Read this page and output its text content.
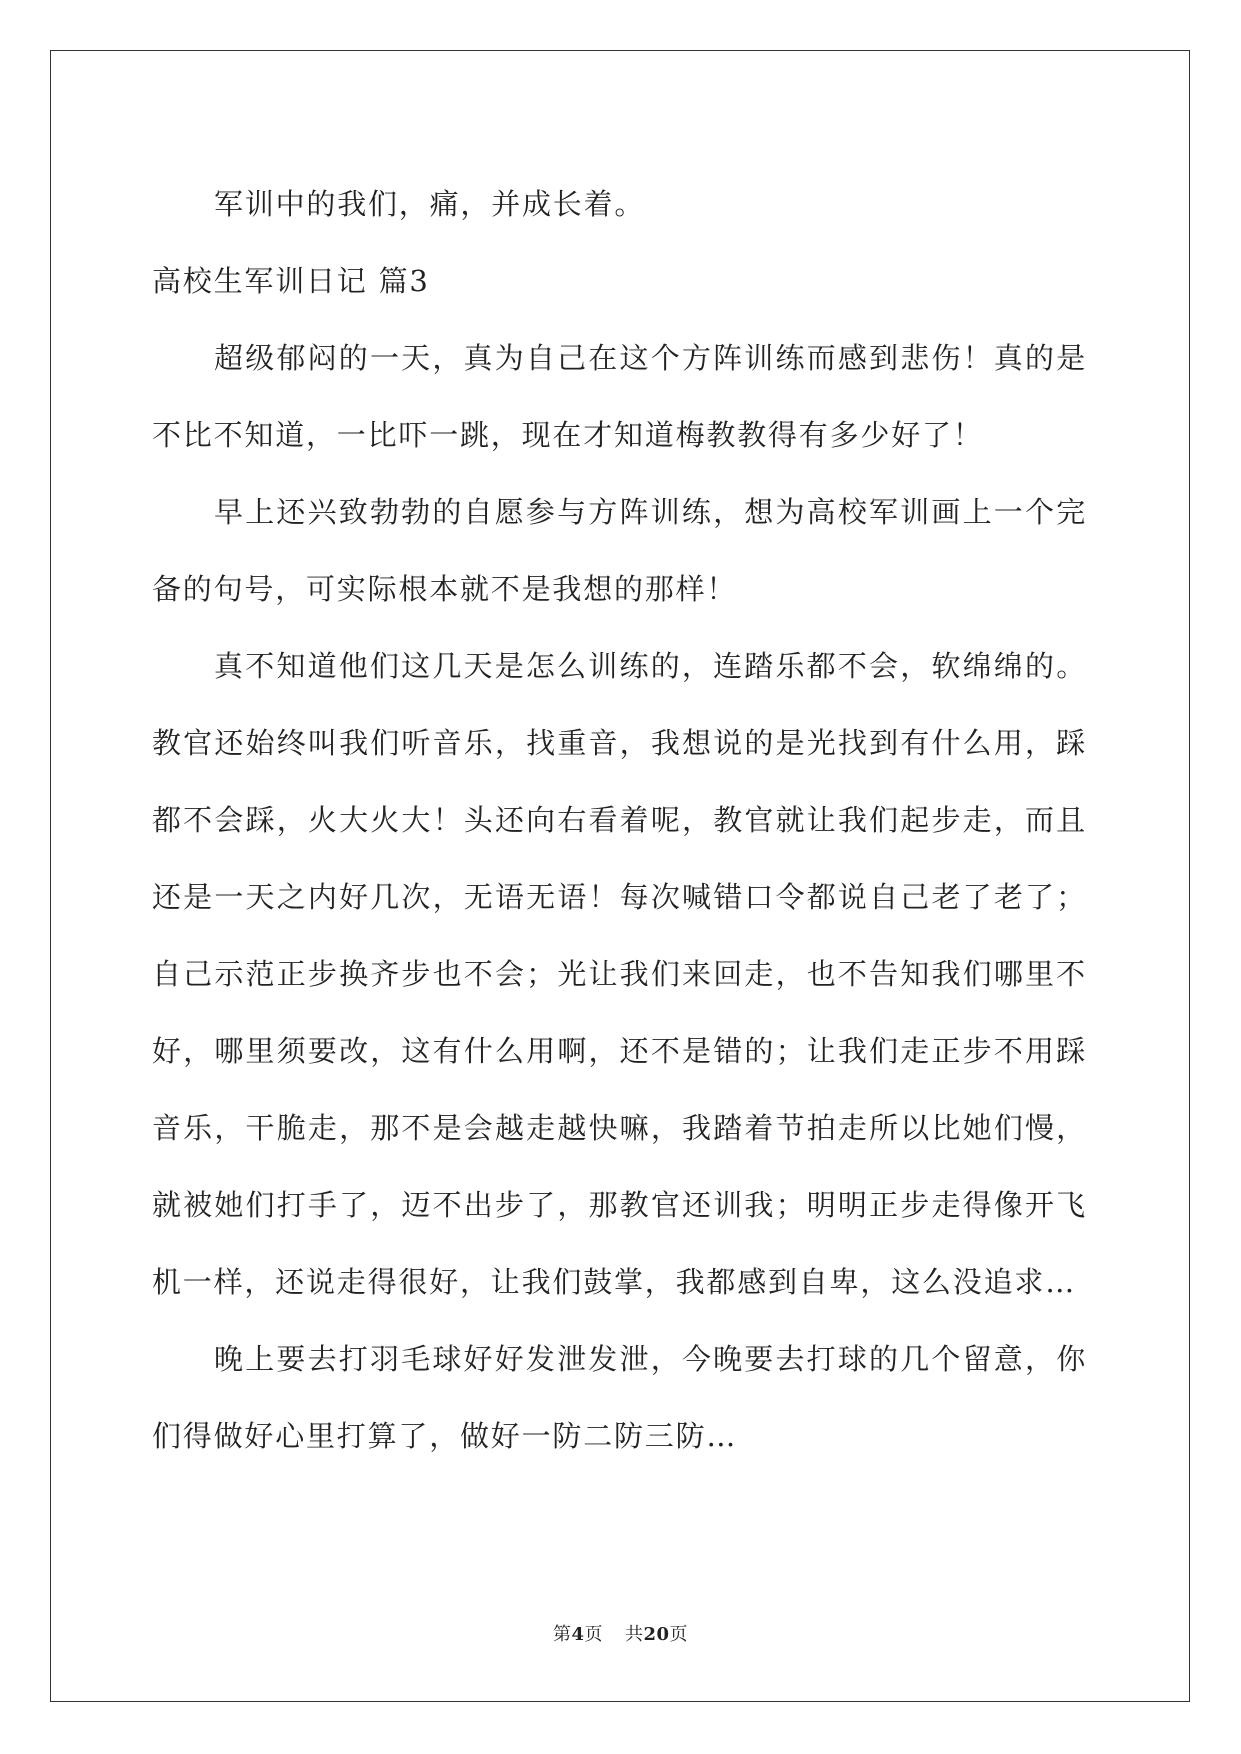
军训中的我们，痛，并成长着。

高校生军训日记 篇3

超级郁闷的一天，真为自己在这个方阵训练而感到悲伤！真的是不比不知道，一比吓一跳，现在才知道梅教教得有多少好了！

早上还兴致勃勃的自愿参与方阵训练，想为高校军训画上一个完备的句号，可实际根本就不是我想的那样！

真不知道他们这几天是怎么训练的，连踏乐都不会，软绵绵的。教官还始终叫我们听音乐，找重音，我想说的是光找到有什么用，踩都不会踩，火大火大！头还向右看着呢，教官就让我们起步走，而且还是一天之内好几次，无语无语！每次喊错口令都说自己老了老了；自己示范正步换齐步也不会；光让我们来回走，也不告知我们哪里不好，哪里须要改，这有什么用啊，还不是错的；让我们走正步不用踩音乐，干脆走，那不是会越走越快嘛，我踏着节拍走所以比她们慢，就被她们打手了，迈不出步了，那教官还训我；明明正步走得像开飞机一样，还说走得很好，让我们鼓掌，我都感到自卑，这么没追求…

晚上要去打羽毛球好好发泄发泄，今晚要去打球的几个留意，你们得做好心里打算了，做好一防二防三防…

第4页 共20页
